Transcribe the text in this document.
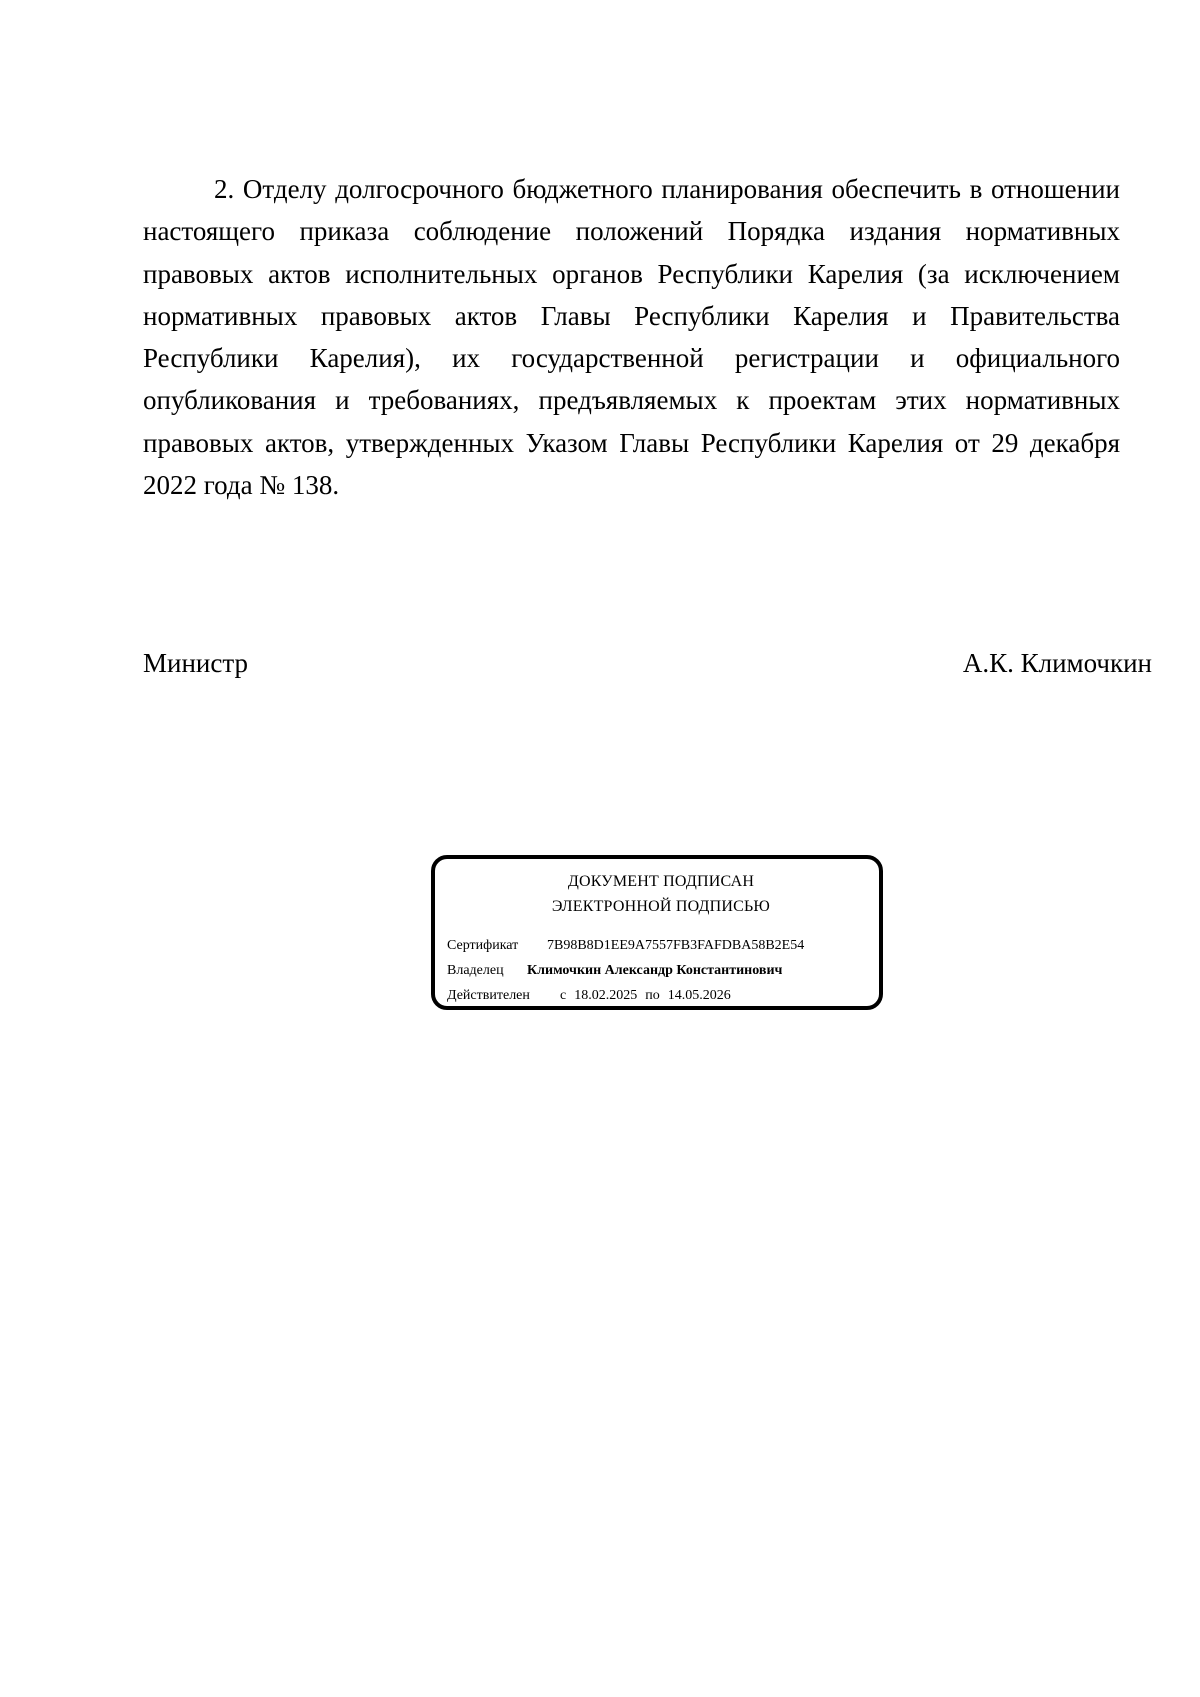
2. Отделу долгосрочного бюджетного планирования обеспечить в отношении настоящего приказа соблюдение положений Порядка издания нормативных правовых актов исполнительных органов Республики Карелия (за исключением нормативных правовых актов Главы Республики Карелия и Правительства Республики Карелия), их государственной регистрации и официального опубликования и требованиях, предъявляемых к проектам этих нормативных правовых актов, утвержденных Указом Главы Республики Карелия от 29 декабря 2022 года № 138.

Министр	А.К. Климочкин
ДОКУМЕНТ ПОДПИСАН
ЭЛЕКТРОННОЙ ПОДПИСЬЮ
Сертификат 7B98B8D1EE9A7557FB3FAFDBA58B2E54
Владелец Климочкин Александр Константинович
Действителен с 18.02.2025 по 14.05.2026
